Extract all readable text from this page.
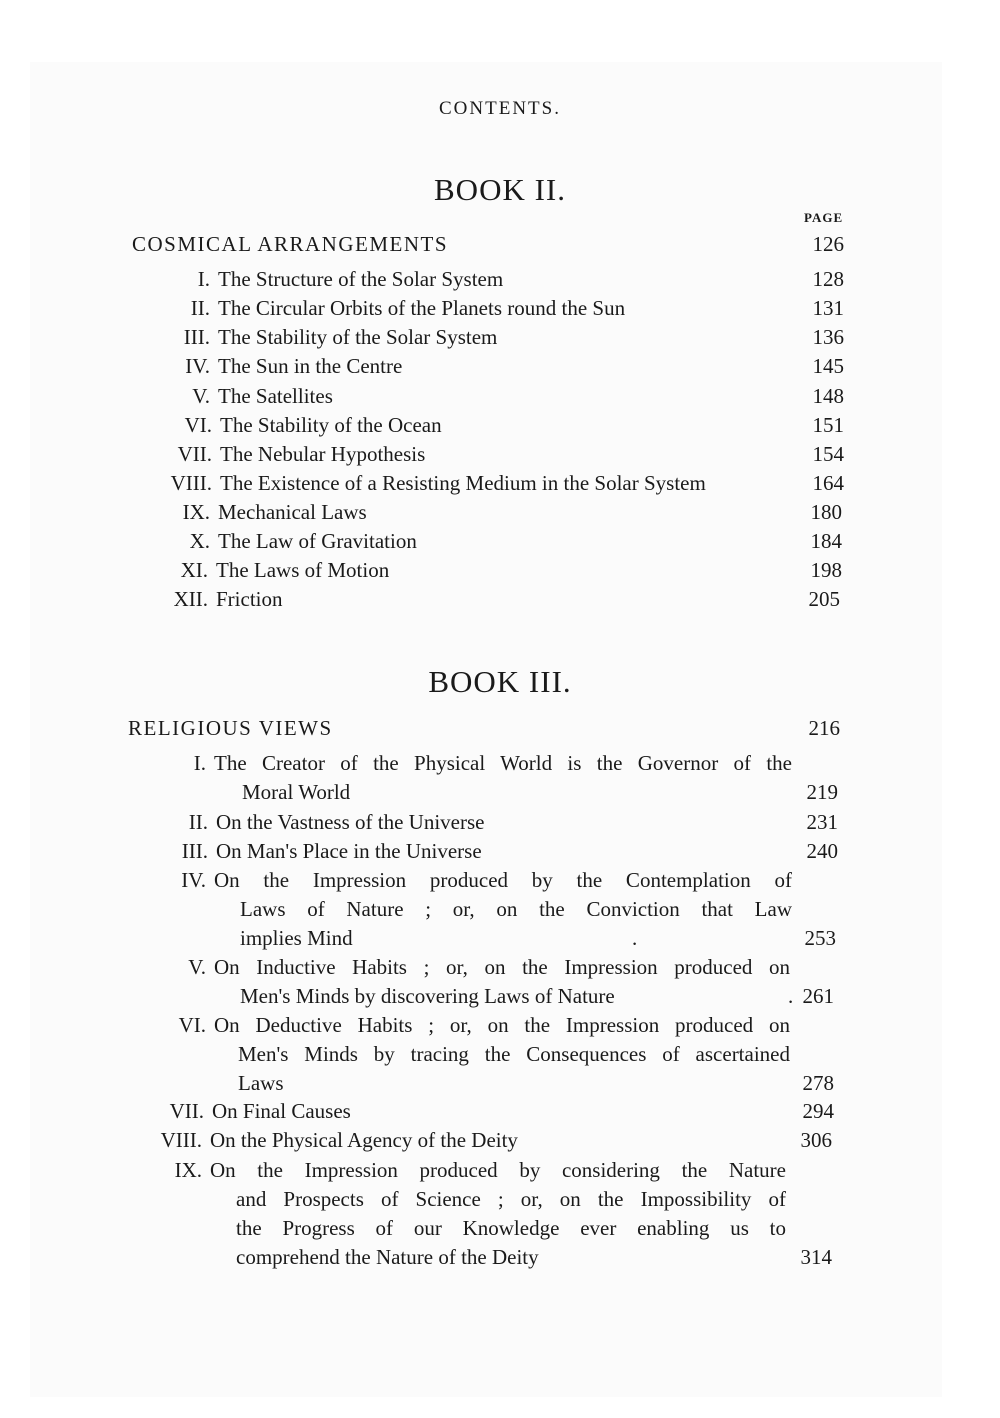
CONTENTS.
BOOK II.
PAGE
COSMICAL ARRANGEMENTS	126
I. The Structure of the Solar System	128
II. The Circular Orbits of the Planets round the Sun	131
III. The Stability of the Solar System	136
IV. The Sun in the Centre	145
V. The Satellites	148
VI. The Stability of the Ocean	151
VII. The Nebular Hypothesis	154
VIII. The Existence of a Resisting Medium in the Solar System	164
IX. Mechanical Laws	180
X. The Law of Gravitation	184
XI. The Laws of Motion	198
XII. Friction	205
BOOK III.
RELIGIOUS VIEWS	216
I. The Creator of the Physical World is the Governor of the
Moral World	219
II. On the Vastness of the Universe	231
III. On Man's Place in the Universe	240
IV. On the Impression produced by the Contemplation of
Laws of Nature ; or, on the Conviction that Law
implies Mind	.	253
V. On Inductive Habits ; or, on the Impression produced on
Men's Minds by discovering Laws of Nature	. 261
VI. On Deductive Habits ; or, on the Impression produced on
Men's Minds by tracing the Consequences of ascertained
Laws	278
VII. On Final Causes	294
VIII. On the Physical Agency of the Deity	306
IX. On the Impression produced by considering the Nature
and Prospects of Science ; or, on the Impossibility of
the Progress of our Knowledge ever enabling us to
comprehend the Nature of the Deity	314
